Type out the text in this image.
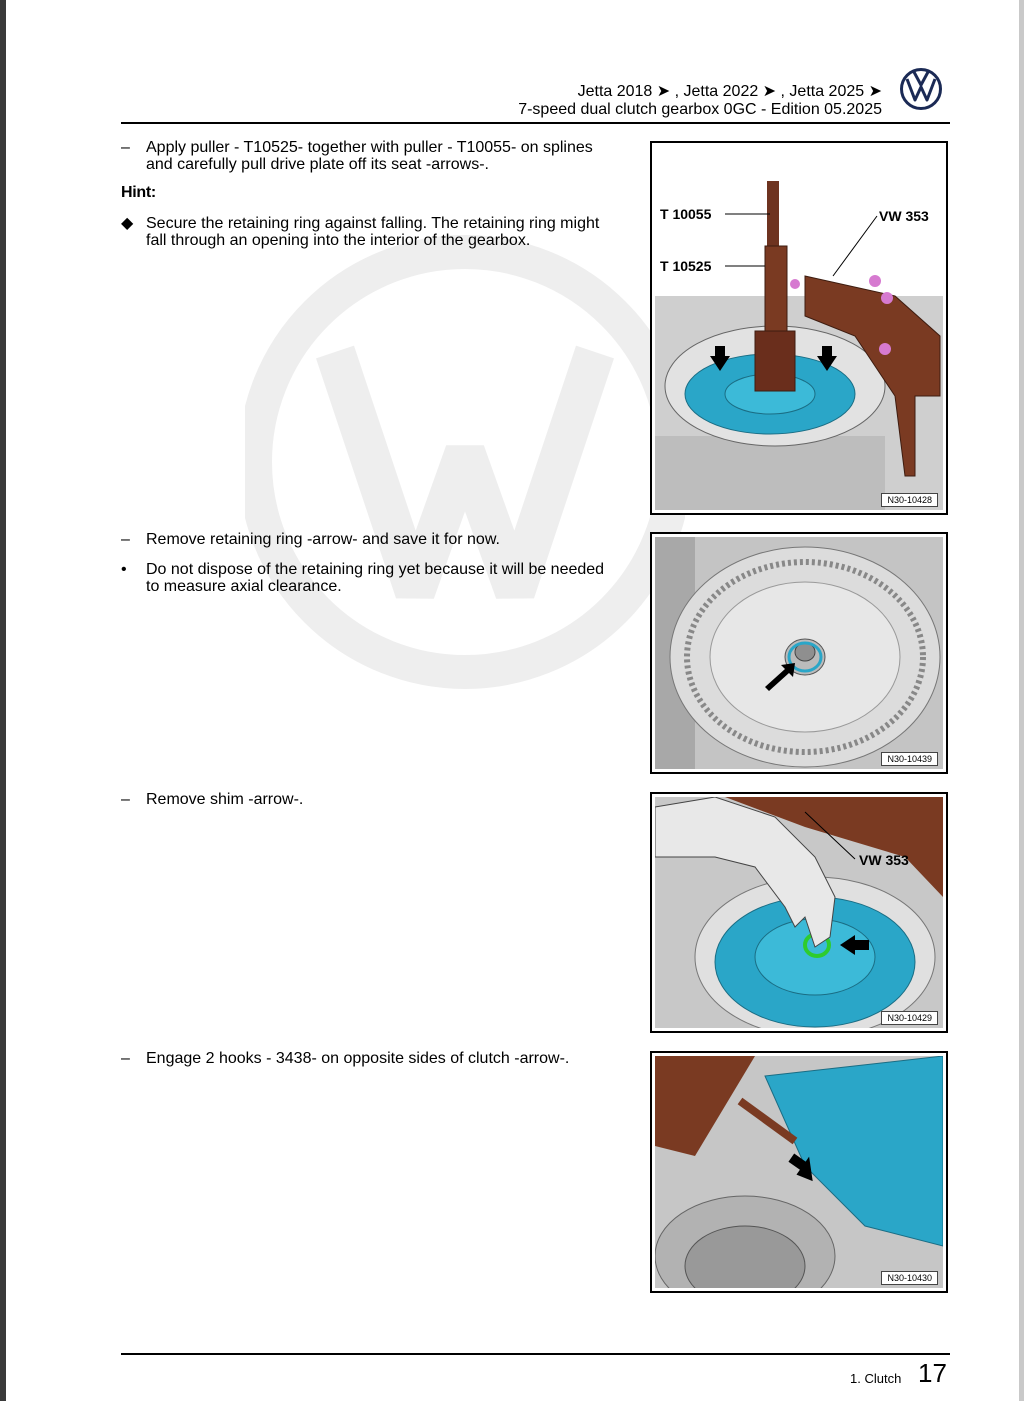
Jetta 2018 ➤ , Jetta 2022 ➤ , Jetta 2025 ➤
7-speed dual clutch gearbox 0GC - Edition 05.2025
–	Apply puller - T10525- together with puller - T10055- on splines and carefully pull drive plate off its seat -arrows-.
Hint:
◆ Secure the retaining ring against falling. The retaining ring might fall through an opening into the interior of the gearbox.
–	Remove retaining ring -arrow- and save it for now.
•	Do not dispose of the retaining ring yet because it will be needed to measure axial clearance.
–	Remove shim -arrow-.
–	Engage 2 hooks - 3438- on opposite sides of clutch -arrow-.
T 10055
T 10525
VW 353
N30-10428
N30-10439
VW 353
N30-10429
N30-10430
1. Clutch 17
